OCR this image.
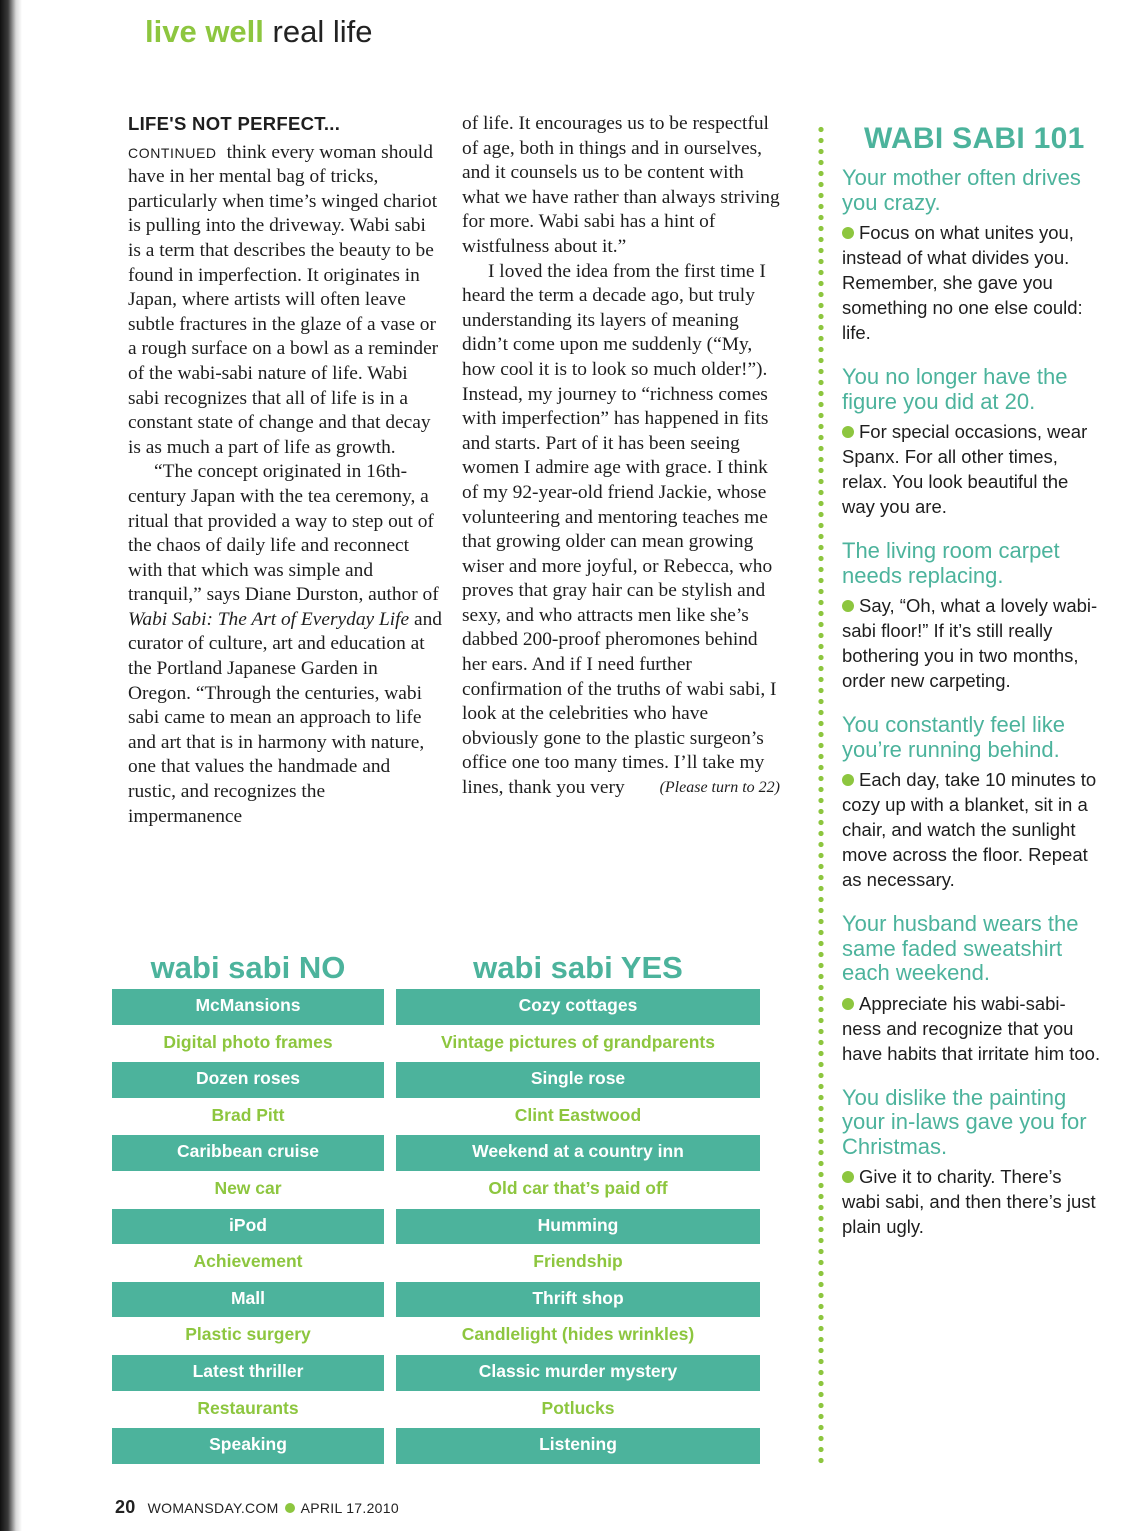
live well real life

LIFE'S NOT PERFECT...

CONTINUED think every woman should have in her mental bag of tricks, particularly when time’s winged chariot is pulling into the driveway. Wabi sabi is a term that describes the beauty to be found in imperfection. It originates in Japan, where artists will often leave subtle fractures in the glaze of a vase or a rough surface on a bowl as a reminder of the wabi-sabi nature of life. Wabi sabi recognizes that all of life is in a constant state of change and that decay is as much a part of life as growth.

“The concept originated in 16th-century Japan with the tea ceremony, a ritual that provided a way to step out of the chaos of daily life and reconnect with that which was simple and tranquil,” says Diane Durston, author of Wabi Sabi: The Art of Everyday Life and curator of culture, art and education at the Portland Japanese Garden in Oregon. “Through the centuries, wabi sabi came to mean an approach to life and art that is in harmony with nature, one that values the handmade and rustic, and recognizes the impermanence

of life. It encourages us to be respectful of age, both in things and in ourselves, and it counsels us to be content with what we have rather than always striving for more. Wabi sabi has a hint of wistfulness about it.”

I loved the idea from the first time I heard the term a decade ago, but truly understanding its layers of meaning didn’t come upon me suddenly (“My, how cool it is to look so much older!”). Instead, my journey to “richness comes with imperfection” has happened in fits and starts. Part of it has been seeing women I admire age with grace. I think of my 92-year-old friend Jackie, whose volunteering and mentoring teaches me that growing older can mean growing wiser and more joyful, or Rebecca, who proves that gray hair can be stylish and sexy, and who attracts men like she’s dabbed 200-proof pheromones behind her ears. And if I need further confirmation of the truths of wabi sabi, I look at the celebrities who have obviously gone to the plastic surgeon’s office one too many times. I’ll take my lines, thank you very	(Please turn to 22)

wabi sabi NO
McMansions
Digital photo frames
Dozen roses
Brad Pitt
Caribbean cruise
New car
iPod
Achievement
Mall
Plastic surgery
Latest thriller
Restaurants
Speaking
wabi sabi YES
Cozy cottages
Vintage pictures of grandparents
Single rose
Clint Eastwood
Weekend at a country inn
Old car that’s paid off
Humming
Friendship
Thrift shop
Candlelight (hides wrinkles)
Classic murder mystery
Potlucks
Listening
WABI SABI 101
Your mother often drives you crazy.
Focus on what unites you, instead of what divides you. Remember, she gave you something no one else could: life.
You no longer have the figure you did at 20.
For special occasions, wear Spanx. For all other times, relax. You look beautiful the way you are.
The living room carpet needs replacing.
Say, “Oh, what a lovely wabi-sabi floor!” If it’s still really bothering you in two months, order new carpeting.
You constantly feel like you’re running behind.
Each day, take 10 minutes to cozy up with a blanket, sit in a chair, and watch the sunlight move across the floor. Repeat as necessary.
Your husband wears the same faded sweatshirt each weekend.
Appreciate his wabi-sabi-ness and recognize that you have habits that irritate him too.
You dislike the painting your in-laws gave you for Christmas.
Give it to charity. There’s wabi sabi, and then there’s just plain ugly.
20 WOMANSDAY.COM APRIL 17.2010
